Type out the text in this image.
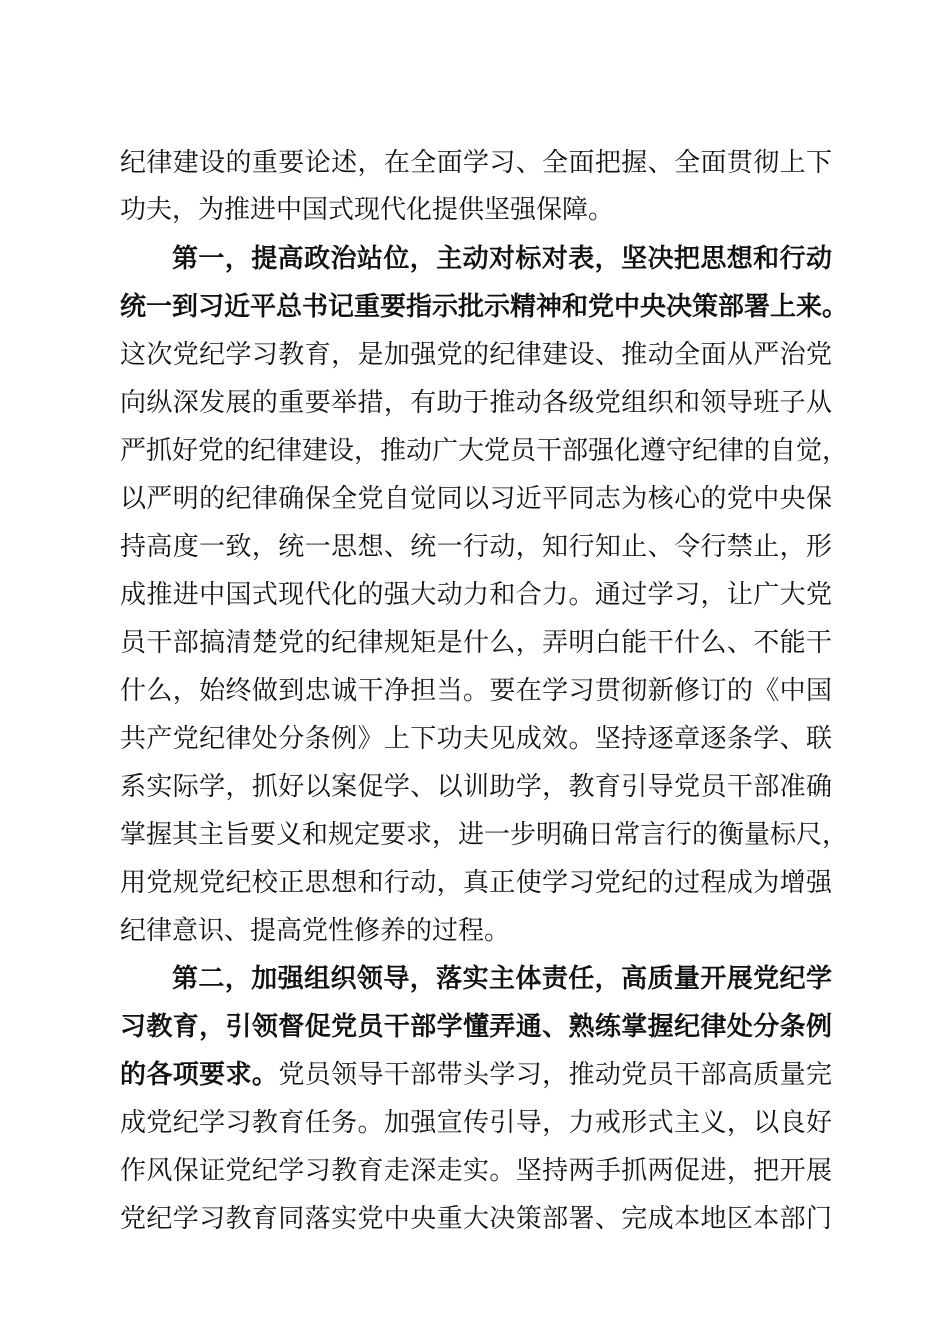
纪律建设的重要论述，在全面学习、全面把握、全面贯彻上下
功夫，为推进中国式现代化提供坚强保障。
第一，提高政治站位，主动对标对表，坚决把思想和行动
统一到习近平总书记重要指示批示精神和党中央决策部署上来。
这次党纪学习教育，是加强党的纪律建设、推动全面从严治党
向纵深发展的重要举措，有助于推动各级党组织和领导班子从
严抓好党的纪律建设，推动广大党员干部强化遵守纪律的自觉，
以严明的纪律确保全党自觉同以习近平同志为核心的党中央保
持高度一致，统一思想、统一行动，知行知止、令行禁止，形
成推进中国式现代化的强大动力和合力。通过学习，让广大党
员干部搞清楚党的纪律规矩是什么，弄明白能干什么、不能干
什么，始终做到忠诚干净担当。要在学习贯彻新修订的《中国
共产党纪律处分条例》上下功夫见成效。坚持逐章逐条学、联
系实际学，抓好以案促学、以训助学，教育引导党员干部准确
掌握其主旨要义和规定要求，进一步明确日常言行的衡量标尺，
用党规党纪校正思想和行动，真正使学习党纪的过程成为增强
纪律意识、提高党性修养的过程。
第二，加强组织领导，落实主体责任，高质量开展党纪学
习教育，引领督促党员干部学懂弄通、熟练掌握纪律处分条例
的各项要求。党员领导干部带头学习，推动党员干部高质量完
成党纪学习教育任务。加强宣传引导，力戒形式主义，以良好
作风保证党纪学习教育走深走实。坚持两手抓两促进，把开展
党纪学习教育同落实党中央重大决策部署、完成本地区本部门
